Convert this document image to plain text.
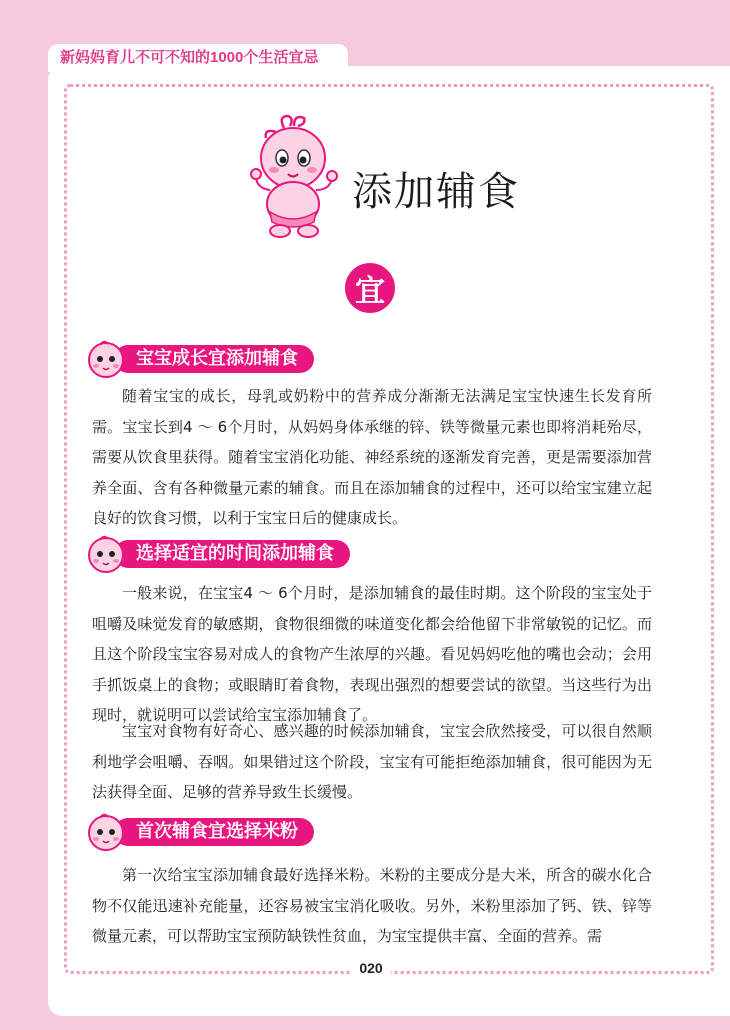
新妈妈育儿不可不知的1000个生活宜忌
添加辅食
宜
宝宝成长宜添加辅食

随着宝宝的成长，母乳或奶粉中的营养成分渐渐无法满足宝宝快速生长发育所需。宝宝长到4 ～ 6个月时，从妈妈身体承继的锌、铁等微量元素也即将消耗殆尽，需要从饮食里获得。随着宝宝消化功能、神经系统的逐渐发育完善，更是需要添加营养全面、含有各种微量元素的辅食。而且在添加辅食的过程中，还可以给宝宝建立起良好的饮食习惯，以利于宝宝日后的健康成长。

选择适宜的时间添加辅食

一般来说，在宝宝4 ～ 6个月时，是添加辅食的最佳时期。这个阶段的宝宝处于咀嚼及味觉发育的敏感期，食物很细微的味道变化都会给他留下非常敏锐的记忆。而且这个阶段宝宝容易对成人的食物产生浓厚的兴趣。看见妈妈吃他的嘴也会动；会用手抓饭桌上的食物；或眼睛盯着食物，表现出强烈的想要尝试的欲望。当这些行为出现时，就说明可以尝试给宝宝添加辅食了。

宝宝对食物有好奇心、感兴趣的时候添加辅食，宝宝会欣然接受，可以很自然顺利地学会咀嚼、吞咽。如果错过这个阶段，宝宝有可能拒绝添加辅食，很可能因为无法获得全面、足够的营养导致生长缓慢。

首次辅食宜选择米粉

第一次给宝宝添加辅食最好选择米粉。米粉的主要成分是大米，所含的碳水化合物不仅能迅速补充能量，还容易被宝宝消化吸收。另外，米粉里添加了钙、铁、锌等微量元素，可以帮助宝宝预防缺铁性贫血，为宝宝提供丰富、全面的营养。需

020
